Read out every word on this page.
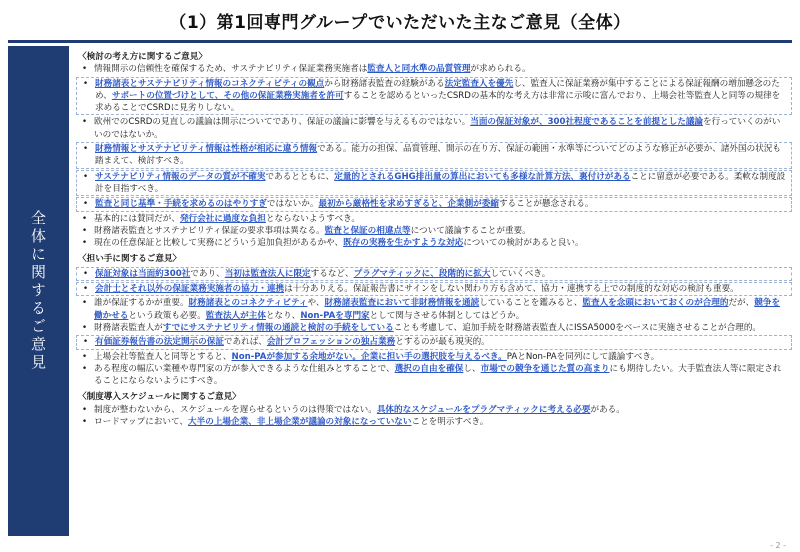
（1）第1回専門グループでいただいた主なご意見（全体）
全体に関するご意見
〈検討の考え方に関するご意見〉
• 情報開示の信頼性を確保するため、サステナビリティ保証業務実施者は監査人と同水準の品質管理が求められる。
• 財務諸表とサステナビリティ情報のコネクティビティの観点から財務諸表監査の経験がある法定監査人を優先し、監査人に保証業務が集中することによる保証報酬の増加懸念のため、サポートの位置づけとして、その他の保証業務実施者を許可することを認めるといったCSRDの基本的な考え方は非常に示唆に富んでおり、上場会社等監査人と同等の規律を求めることでCSRDに見劣りしない。
• 欧州でのCSRDの見直しの議論は開示についてであり、保証の議論に影響を与えるものではない。当面の保証対象が、300社程度であることを前提とした議論を行っていくのがいいのではないか。
• 財務情報とサステナビリティ情報は性格が相応に違う情報である。能力の担保、品質管理、開示の在り方、保証の範囲・水準等についてどのような修正が必要か、諸外国の状況も踏まえて、検討すべき。
• サステナビリティ情報のデータの質が不確実であるとともに、定量的とされるGHG排出量の算出においても多様な計算方法、裏付けがあることに留意が必要である。柔軟な制度設計を目指すべき。
• 監査と同じ基準・手続を求めるのはやりすぎではないか。最初から厳格性を求めすぎると、企業側が委縮することが懸念される。
• 基本的には賛同だが、発行会社に過度な負担とならないようすべき。
• 財務諸表監査とサステナビリティ保証の要求事項は異なる。監査と保証の相違点等について議論することが重要。
• 現在の任意保証と比較して実務にどういう追加負担があるかや、既存の実務を生かすような対応についての検討があると良い。
〈担い手に関するご意見〉
• 保証対象は当面約300社であり、当初は監査法人に限定するなど、プラグマティックに、段階的に拡大していくべき。
• 会計士とそれ以外の保証業務実施者の協力・連携は十分ありえる。保証報告書にサインをしない関わり方も含めて、協力・連携する上での制度的な対応の検討も重要。
• 誰が保証するかが重要。財務諸表とのコネクティビティや、財務諸表監査において非財務情報を通読していることを鑑みると、監査人を念頭においておくのが合理的だが、競争を働かせるという政策も必要。監査法人が主体となり、Non-PAを専門家として関与させる体制としてはどうか。
• 財務諸表監査人がすでにサステナビリティ情報の通読と検討の手続をしていることも考慮して、追加手続を財務諸表監査人にISSA5000をベースに実施させることが合理的。
• 有価証券報告書の法定開示の保証であれば、会計プロフェッションの独占業務とするのが最も現実的。
• 上場会社等監査人と同等とすると、Non-PAが参加する余地がない。企業に担い手の選択肢を与えるべき。PAとNon-PAを同列にして議論すべき。
• ある程度の幅広い業種や専門家の方が参入できるような仕組みとすることで、選択の自由を確保し、市場での競争を通じた質の高まりにも期待したい。大手監査法人等に限定されることにならないようにすべき。
〈制度導入スケジュールに関するご意見〉
• 制度が整わないから、スケジュールを遅らせるというのは得策ではない。具体的なスケジュールをプラグマティックに考える必要がある。
• ロードマップにおいて、大半の上場企業、非上場企業が議論の対象になっていないことを明示すべき。
- 2 -
